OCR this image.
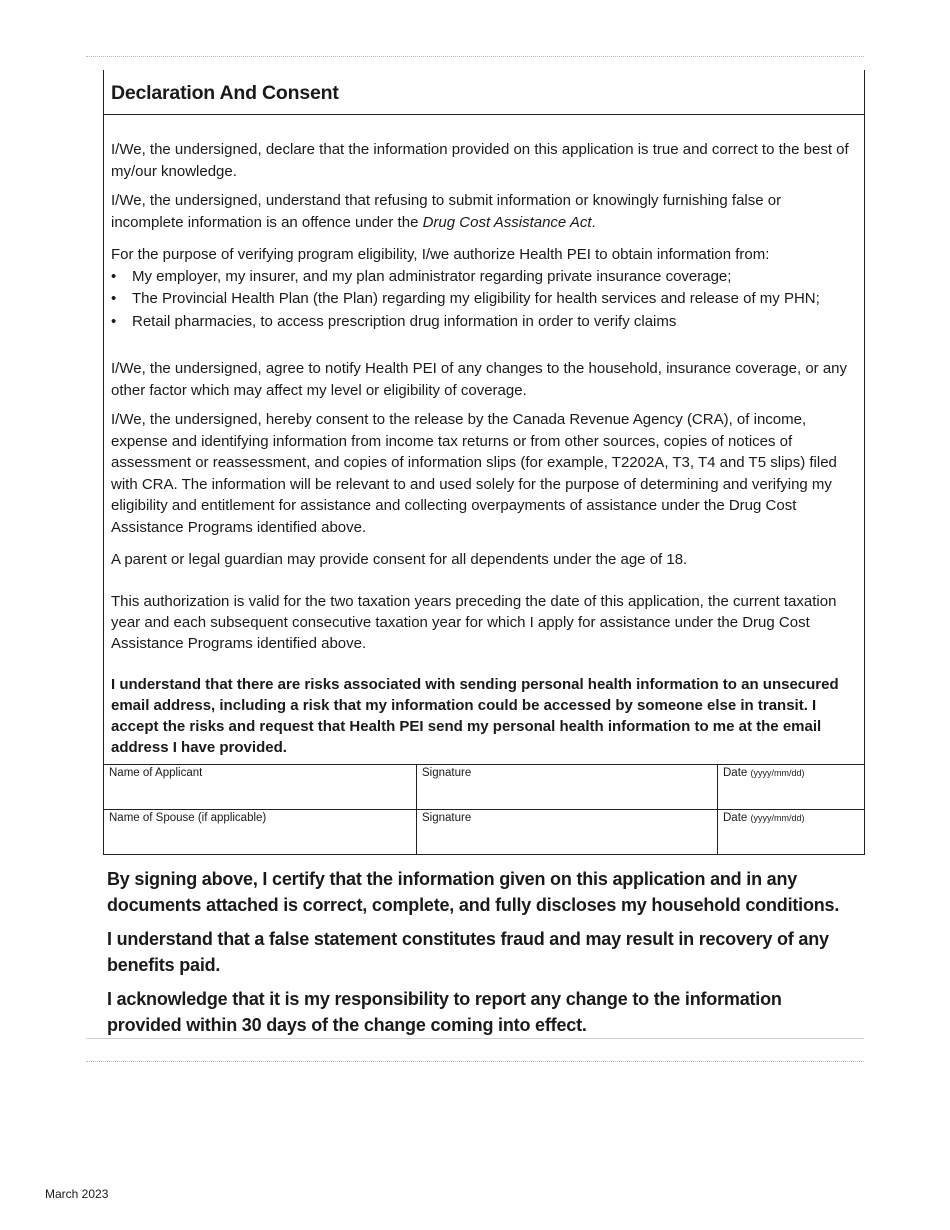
Declaration And Consent

I/We, the undersigned, declare that the information provided on this application is true and correct to the best of my/our knowledge.

I/We, the undersigned, understand that refusing to submit information or knowingly furnishing false or incomplete information is an offence under the Drug Cost Assistance Act.

For the purpose of verifying program eligibility, I/we authorize Health PEI to obtain information from:

• My employer, my insurer, and my plan administrator regarding private insurance coverage;
• The Provincial Health Plan (the Plan) regarding my eligibility for health services and release of my PHN;
• Retail pharmacies, to access prescription drug information in order to verify claims

I/We, the undersigned, agree to notify Health PEI of any changes to the household, insurance coverage, or any other factor which may affect my level or eligibility of coverage.

I/We, the undersigned, hereby consent to the release by the Canada Revenue Agency (CRA), of income, expense and identifying information from income tax returns or from other sources, copies of notices of assessment or reassessment, and copies of information slips (for example, T2202A, T3, T4 and T5 slips) filed with CRA. The information will be relevant to and used solely for the purpose of determining and verifying my eligibility and entitlement for assistance and collecting overpayments of assistance under the Drug Cost Assistance Programs identified above.

A parent or legal guardian may provide consent for all dependents under the age of 18.

This authorization is valid for the two taxation years preceding the date of this application, the current taxation year and each subsequent consecutive taxation year for which I apply for assistance under the Drug Cost Assistance Programs identified above.

I understand that there are risks associated with sending personal health information to an unsecured email address, including a risk that my information could be accessed by someone else in transit. I accept the risks and request that Health PEI send my personal health information to me at the email address I have provided.

Name of Applicant	Signature	Date (yyyy/mm/dd)
Name of Spouse (if applicable)	Signature	Date (yyyy/mm/dd)

By signing above, I certify that the information given on this application and in any documents attached is correct, complete, and fully discloses my household conditions.

I understand that a false statement constitutes fraud and may result in recovery of any benefits paid.

I acknowledge that it is my responsibility to report any change to the information provided within 30 days of the change coming into effect.

March 2023
